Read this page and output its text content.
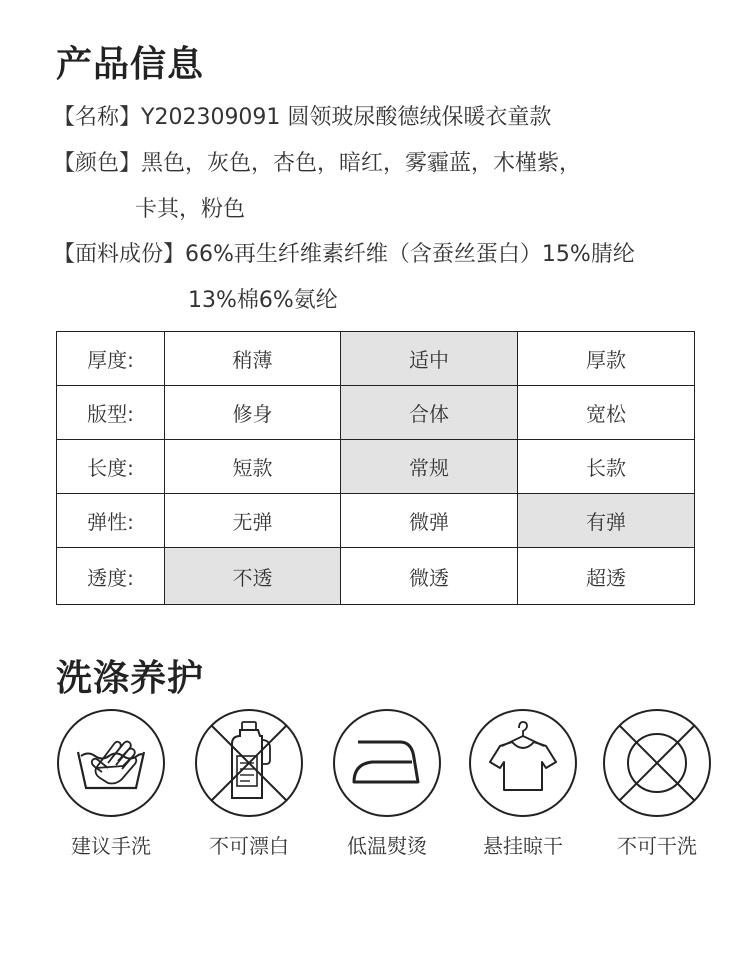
产品信息
【名称】Y202309091 圆领玻尿酸德绒保暖衣童款
【颜色】黑色，灰色，杏色，暗红，雾霾蓝，木槿紫，
卡其，粉色
【面料成份】66%再生纤维素纤维（含蚕丝蛋白）15%腈纶
13%棉6%氨纶
厚度:	稍薄	适中	厚款
版型:	修身	合体	宽松
长度:	短款	常规	长款
弹性:	无弹	微弹	有弹
透度:	不透	微透	超透
洗涤养护
建议手洗	不可漂白	低温熨烫	悬挂晾干	不可干洗
